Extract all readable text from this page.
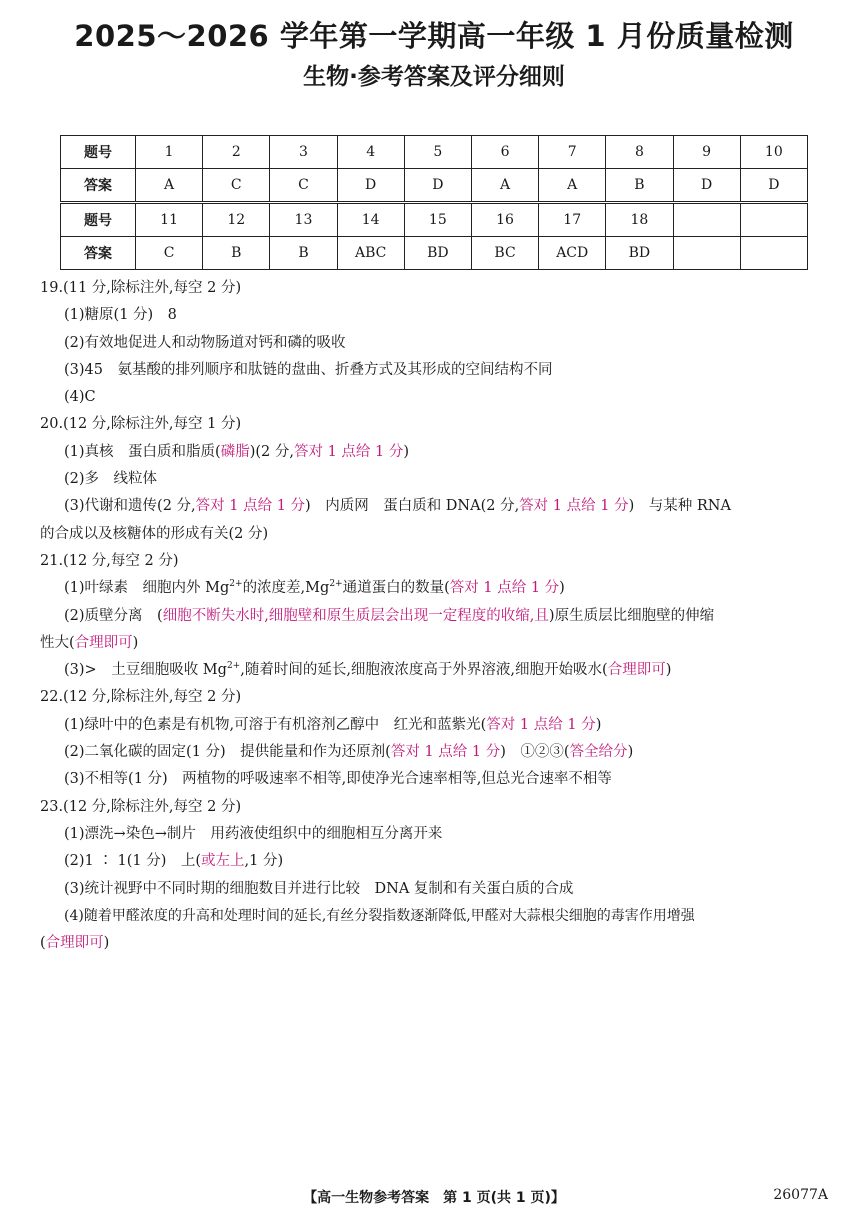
2025～2026 学年第一学期高一年级 1 月份质量检测
生物·参考答案及评分细则
题号	1	2	3	4	5	6	7	8	9	10
答案	A	C	C	D	D	A	A	B	D	D
题号	11	12	13	14	15	16	17	18		
答案	C	B	B	ABC	BD	BC	ACD	BD		
19.(11 分,除标注外,每空 2 分)
(1)糖原(1 分)　8
(2)有效地促进人和动物肠道对钙和磷的吸收
(3)45　氨基酸的排列顺序和肽链的盘曲、折叠方式及其形成的空间结构不同
(4)C
20.(12 分,除标注外,每空 1 分)
(1)真核　蛋白质和脂质(磷脂)(2 分,答对 1 点给 1 分)
(2)多　线粒体
(3)代谢和遗传(2 分,答对 1 点给 1 分)　内质网　蛋白质和 DNA(2 分,答对 1 点给 1 分)　与某种 RNA
的合成以及核糖体的形成有关(2 分)
21.(12 分,每空 2 分)
(1)叶绿素　细胞内外 $Mg^{2+}$的浓度差$,Mg^{2+}$通道蛋白的数量(答对 1 点给 1 分)
(2)质壁分离　(细胞不断失水时,细胞壁和原生质层会出现一定程度的收缩,且)原生质层比细胞壁的伸缩
性大(合理即可)
(3)>　土豆细胞吸收 $Mg^{2+}$,随着时间的延长,细胞液浓度高于外界溶液,细胞开始吸水(合理即可)
22.(12 分,除标注外,每空 2 分)
(1)绿叶中的色素是有机物,可溶于有机溶剂乙醇中　红光和蓝紫光(答对 1 点给 1 分)
(2)二氧化碳的固定(1 分)　提供能量和作为还原剂(答对 1 点给 1 分)　①②③(答全给分)
(3)不相等(1 分)　两植物的呼吸速率不相等,即使净光合速率相等,但总光合速率不相等
23.(12 分,除标注外,每空 2 分)
(1)漂洗→染色→制片　用药液使组织中的细胞相互分离开来
(2)1 ∶ 1(1 分)　上(或左上,1 分)
(3)统计视野中不同时期的细胞数目并进行比较　DNA 复制和有关蛋白质的合成
(4)随着甲醛浓度的升高和处理时间的延长,有丝分裂指数逐渐降低,甲醛对大蒜根尖细胞的毒害作用增强
(合理即可)
【高一生物参考答案　第 1 页(共 1 页)】	26077A
